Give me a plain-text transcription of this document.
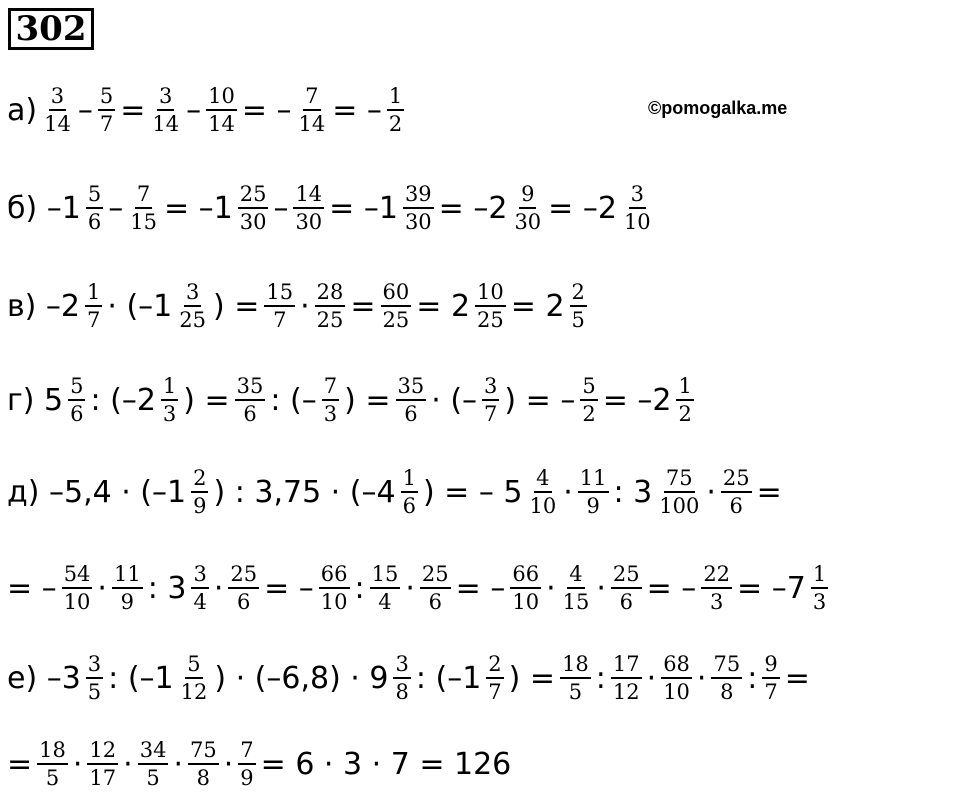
302
©pomogalka.me
$а) \frac{3}{14} - \frac{5}{7} = \frac{3}{14} - \frac{10}{14}$ = – $\frac{7}{14}$ = – $\frac{1}{2}$
б) $-1 \frac{5}{6} - \frac{7}{15} = -1 \frac{25}{30} - \frac{14}{30} = -1 \frac{39}{30} = -2 \frac{9}{30} = -2 \frac{3}{10}$
в) $-2 \frac{1}{7} \cdot (-1 \frac{3}{25}$ ) = $\frac{15}{7} \cdot \frac{28}{25} = \frac{60}{25} = 2 \frac{10}{25} = 2 \frac{2}{5}$
г) $5 \frac{5}{6}$ : ($-2 \frac{1}{3}$ ) = $\frac{35}{6}$ : (– $\frac{7}{3}$ ) = $\frac{35}{6}$ · (– $\frac{3}{7}$ ) = – $\frac{5}{2} = -2 \frac{1}{2}$
д) $-5,4 \cdot (-1 \frac{2}{9}$ ) : $3,75 \cdot (-4 \frac{1}{6}$ ) = – $5 \frac{4}{10} \cdot \frac{11}{9}$ : $3 \frac{75}{100} \cdot \frac{25}{6}$ =
= – $\frac{54}{10} \cdot \frac{11}{9}$ : $3 \frac{3}{4} \cdot \frac{25}{6}$ = – $\frac{66}{10}$ : $\frac{15}{4} \cdot \frac{25}{6}$ = – $\frac{66}{10} \cdot \frac{4}{15} \cdot \frac{25}{6}$ = – $\frac{22}{3} = -7 \frac{1}{3}$
е) $-3 \frac{3}{5}$ : ($-1 \frac{5}{12}$ ) · $(-6,8) \cdot 9 \frac{3}{8}$ : ($-1 \frac{2}{7}$ ) = $\frac{18}{5}$ : $\frac{17}{12} \cdot \frac{68}{10} \cdot \frac{75}{8}$ : $\frac{9}{7}$ =
= $\frac{18}{5} \cdot \frac{12}{17} \cdot \frac{34}{5} \cdot \frac{75}{8} \cdot \frac{7}{9} = 6 \cdot 3 \cdot 7 = 126$
